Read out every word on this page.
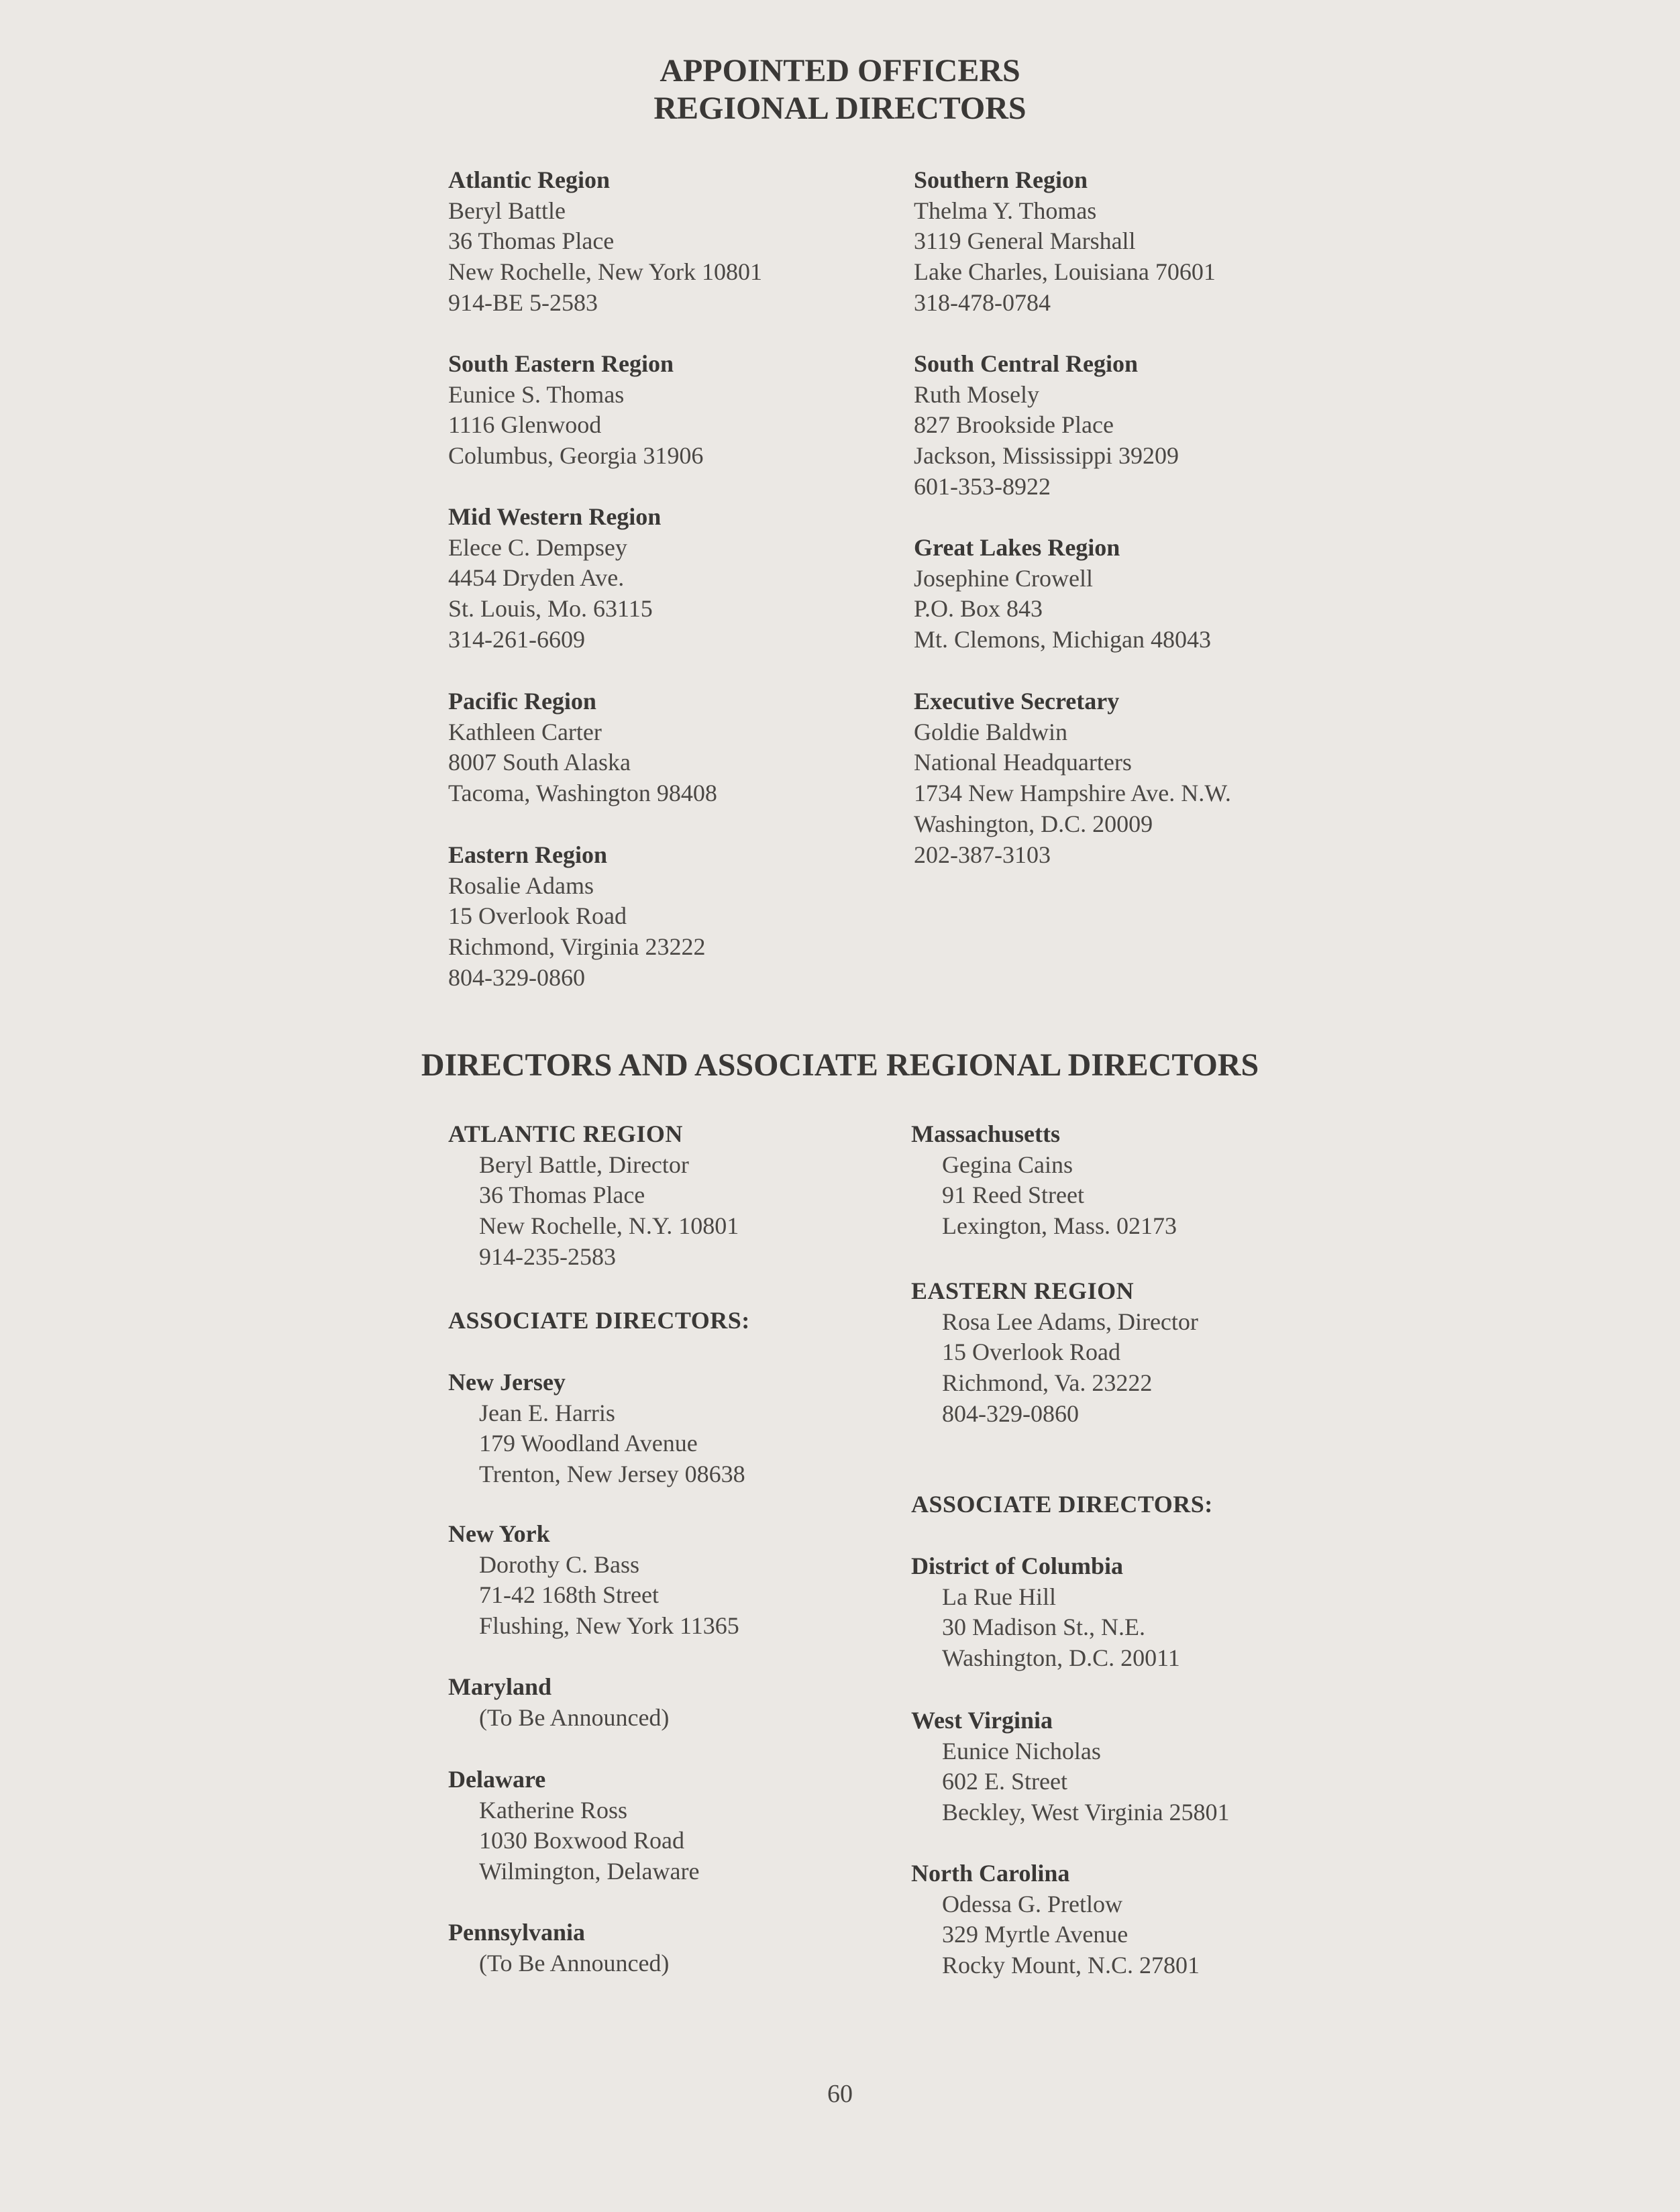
APPOINTED OFFICERS
REGIONAL DIRECTORS
Atlantic Region
Beryl Battle
36 Thomas Place
New Rochelle, New York 10801
914-BE 5-2583
South Eastern Region
Eunice S. Thomas
1116 Glenwood
Columbus, Georgia 31906
Mid Western Region
Elece C. Dempsey
4454 Dryden Ave.
St. Louis, Mo. 63115
314-261-6609
Pacific Region
Kathleen Carter
8007 South Alaska
Tacoma, Washington 98408
Eastern Region
Rosalie Adams
15 Overlook Road
Richmond, Virginia 23222
804-329-0860
Southern Region
Thelma Y. Thomas
3119 General Marshall
Lake Charles, Louisiana 70601
318-478-0784
South Central Region
Ruth Mosely
827 Brookside Place
Jackson, Mississippi 39209
601-353-8922
Great Lakes Region
Josephine Crowell
P.O. Box 843
Mt. Clemons, Michigan 48043
Executive Secretary
Goldie Baldwin
National Headquarters
1734 New Hampshire Ave. N.W.
Washington, D.C. 20009
202-387-3103
DIRECTORS AND ASSOCIATE REGIONAL DIRECTORS
ATLANTIC REGION
Beryl Battle, Director
36 Thomas Place
New Rochelle, N.Y. 10801
914-235-2583
ASSOCIATE DIRECTORS:
New Jersey
Jean E. Harris
179 Woodland Avenue
Trenton, New Jersey 08638
New York
Dorothy C. Bass
71-42 168th Street
Flushing, New York 11365
Maryland
(To Be Announced)
Delaware
Katherine Ross
1030 Boxwood Road
Wilmington, Delaware
Pennsylvania
(To Be Announced)
Massachusetts
Gegina Cains
91 Reed Street
Lexington, Mass. 02173
EASTERN REGION
Rosa Lee Adams, Director
15 Overlook Road
Richmond, Va. 23222
804-329-0860
ASSOCIATE DIRECTORS:
District of Columbia
La Rue Hill
30 Madison St., N.E.
Washington, D.C. 20011
West Virginia
Eunice Nicholas
602 E. Street
Beckley, West Virginia 25801
North Carolina
Odessa G. Pretlow
329 Myrtle Avenue
Rocky Mount, N.C. 27801
60
